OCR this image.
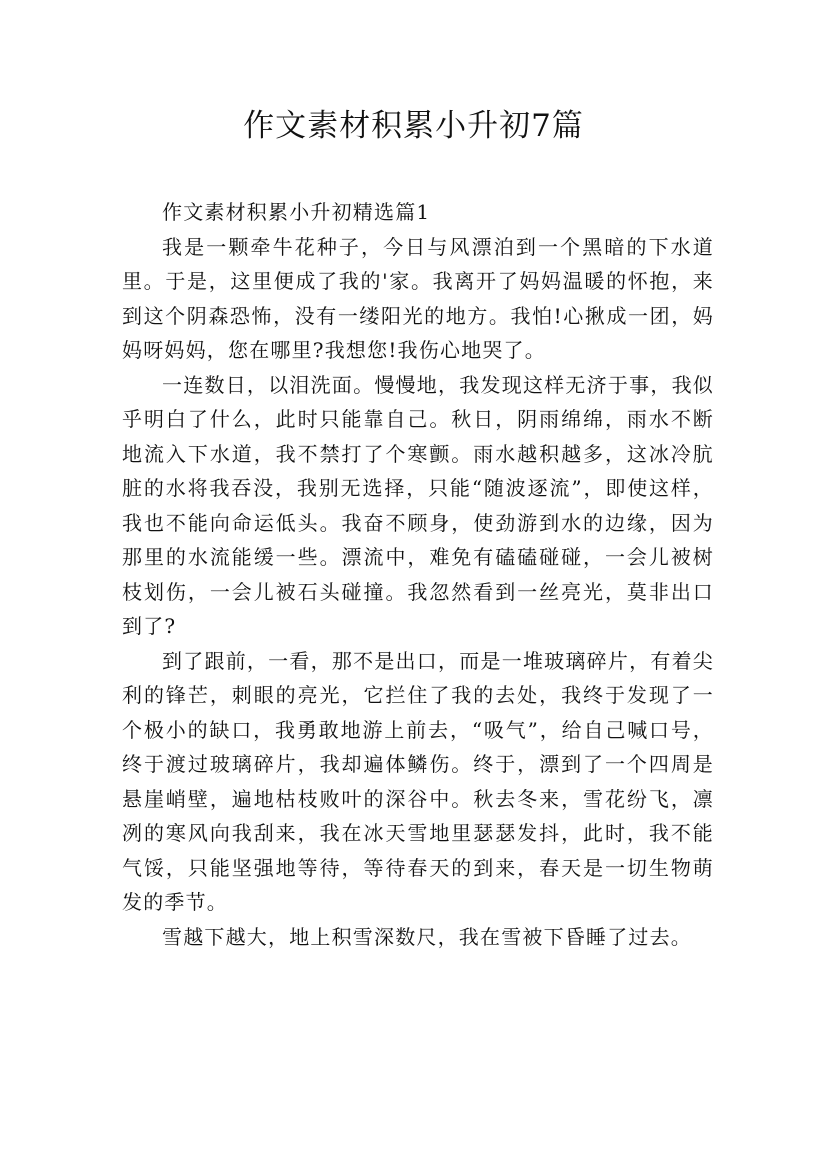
作文素材积累小升初7篇

作文素材积累小升初精选篇1

我是一颗牵牛花种子，今日与风漂泊到一个黑暗的下水道里。于是，这里便成了我的'家。我离开了妈妈温暖的怀抱，来到这个阴森恐怖，没有一缕阳光的地方。我怕!心揪成一团，妈妈呀妈妈，您在哪里?我想您!我伤心地哭了。

一连数日，以泪洗面。慢慢地，我发现这样无济于事，我似乎明白了什么，此时只能靠自己。秋日，阴雨绵绵，雨水不断地流入下水道，我不禁打了个寒颤。雨水越积越多，这冰冷肮脏的水将我吞没，我别无选择，只能“随波逐流”，即使这样，我也不能向命运低头。我奋不顾身，使劲游到水的边缘，因为那里的水流能缓一些。漂流中，难免有磕磕碰碰，一会儿被树枝划伤，一会儿被石头碰撞。我忽然看到一丝亮光，莫非出口到了?

到了跟前，一看，那不是出口，而是一堆玻璃碎片，有着尖利的锋芒，刺眼的亮光，它拦住了我的去处，我终于发现了一个极小的缺口，我勇敢地游上前去，“吸气”，给自己喊口号，终于渡过玻璃碎片，我却遍体鳞伤。终于，漂到了一个四周是悬崖峭壁，遍地枯枝败叶的深谷中。秋去冬来，雪花纷飞，凛冽的寒风向我刮来，我在冰天雪地里瑟瑟发抖，此时，我不能气馁，只能坚强地等待，等待春天的到来，春天是一切生物萌发的季节。

雪越下越大，地上积雪深数尺，我在雪被下昏睡了过去。
